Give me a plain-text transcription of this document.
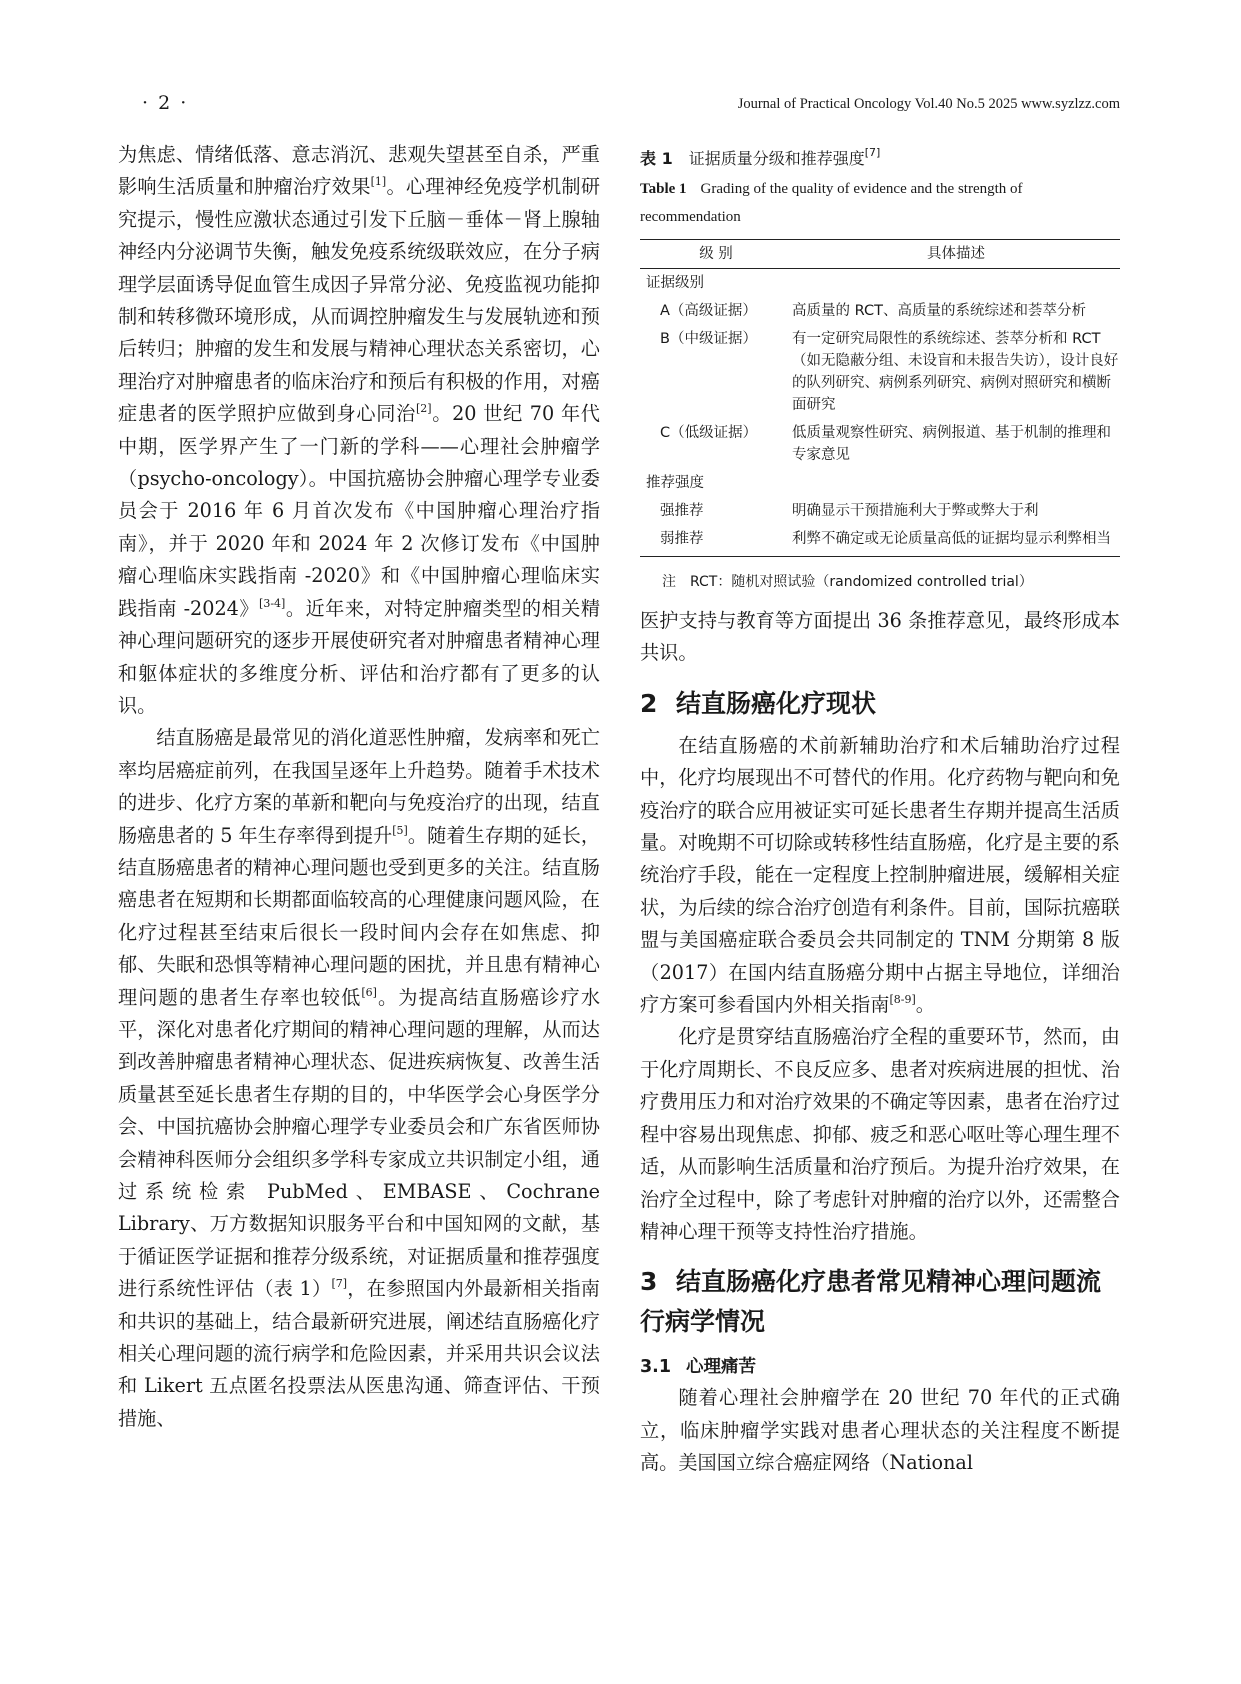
· 2 ·	Journal of Practical Oncology Vol.40 No.5 2025 www.syzlzz.com

为焦虑、情绪低落、意志消沉、悲观失望甚至自杀，严重影响生活质量和肿瘤治疗效果[1]。心理神经免疫学机制研究提示，慢性应激状态通过引发下丘脑－垂体－肾上腺轴神经内分泌调节失衡，触发免疫系统级联效应，在分子病理学层面诱导促血管生成因子异常分泌、免疫监视功能抑制和转移微环境形成，从而调控肿瘤发生与发展轨迹和预后转归；肿瘤的发生和发展与精神心理状态关系密切，心理治疗对肿瘤患者的临床治疗和预后有积极的作用，对癌症患者的医学照护应做到身心同治[2]。20 世纪 70 年代中期，医学界产生了一门新的学科——心理社会肿瘤学（psycho-oncology）。中国抗癌协会肿瘤心理学专业委员会于 2016 年 6 月首次发布《中国肿瘤心理治疗指南》，并于 2020 年和 2024 年 2 次修订发布《中国肿瘤心理临床实践指南 -2020》和《中国肿瘤心理临床实践指南 -2024》[3-4]。近年来，对特定肿瘤类型的相关精神心理问题研究的逐步开展使研究者对肿瘤患者精神心理和躯体症状的多维度分析、评估和治疗都有了更多的认识。

结直肠癌是最常见的消化道恶性肿瘤，发病率和死亡率均居癌症前列，在我国呈逐年上升趋势。随着手术技术的进步、化疗方案的革新和靶向与免疫治疗的出现，结直肠癌患者的 5 年生存率得到提升[5]。随着生存期的延长，结直肠癌患者的精神心理问题也受到更多的关注。结直肠癌患者在短期和长期都面临较高的心理健康问题风险，在化疗过程甚至结束后很长一段时间内会存在如焦虑、抑郁、失眠和恐惧等精神心理问题的困扰，并且患有精神心理问题的患者生存率也较低[6]。为提高结直肠癌诊疗水平，深化对患者化疗期间的精神心理问题的理解，从而达到改善肿瘤患者精神心理状态、促进疾病恢复、改善生活质量甚至延长患者生存期的目的，中华医学会心身医学分会、中国抗癌协会肿瘤心理学专业委员会和广东省医师协会精神科医师分会组织多学科专家成立共识制定小组，通过系统检索 PubMed、EMBASE、Cochrane Library、万方数据知识服务平台和中国知网的文献，基于循证医学证据和推荐分级系统，对证据质量和推荐强度进行系统性评估（表 1）[7]，在参照国内外最新相关指南和共识的基础上，结合最新研究进展，阐述结直肠癌化疗相关心理问题的流行病学和危险因素，并采用共识会议法和 Likert 五点匿名投票法从医患沟通、筛查评估、干预措施、

表 1 证据质量分级和推荐强度[7]
Table 1 Grading of the quality of evidence and the strength of recommendation
级 别	具体描述
证据级别	
A（高级证据）	高质量的 RCT、高质量的系统综述和荟萃分析
B（中级证据）	有一定研究局限性的系统综述、荟萃分析和 RCT（如无隐蔽分组、未设盲和未报告失访），设计良好的队列研究、病例系列研究、病例对照研究和横断面研究
C（低级证据）	低质量观察性研究、病例报道、基于机制的推理和专家意见
推荐强度	
强推荐	明确显示干预措施利大于弊或弊大于利
弱推荐	利弊不确定或无论质量高低的证据均显示利弊相当
注　RCT：随机对照试验（randomized controlled trial）

医护支持与教育等方面提出 36 条推荐意见，最终形成本共识。

2 结直肠癌化疗现状

在结直肠癌的术前新辅助治疗和术后辅助治疗过程中，化疗均展现出不可替代的作用。化疗药物与靶向和免疫治疗的联合应用被证实可延长患者生存期并提高生活质量。对晚期不可切除或转移性结直肠癌，化疗是主要的系统治疗手段，能在一定程度上控制肿瘤进展，缓解相关症状，为后续的综合治疗创造有利条件。目前，国际抗癌联盟与美国癌症联合委员会共同制定的 TNM 分期第 8 版（2017）在国内结直肠癌分期中占据主导地位，详细治疗方案可参看国内外相关指南[8-9]。

化疗是贯穿结直肠癌治疗全程的重要环节，然而，由于化疗周期长、不良反应多、患者对疾病进展的担忧、治疗费用压力和对治疗效果的不确定等因素，患者在治疗过程中容易出现焦虑、抑郁、疲乏和恶心呕吐等心理生理不适，从而影响生活质量和治疗预后。为提升治疗效果，在治疗全过程中，除了考虑针对肿瘤的治疗以外，还需整合精神心理干预等支持性治疗措施。

3 结直肠癌化疗患者常见精神心理问题流行病学情况
3.1 心理痛苦

随着心理社会肿瘤学在 20 世纪 70 年代的正式确立，临床肿瘤学实践对患者心理状态的关注程度不断提高。美国国立综合癌症网络（National
